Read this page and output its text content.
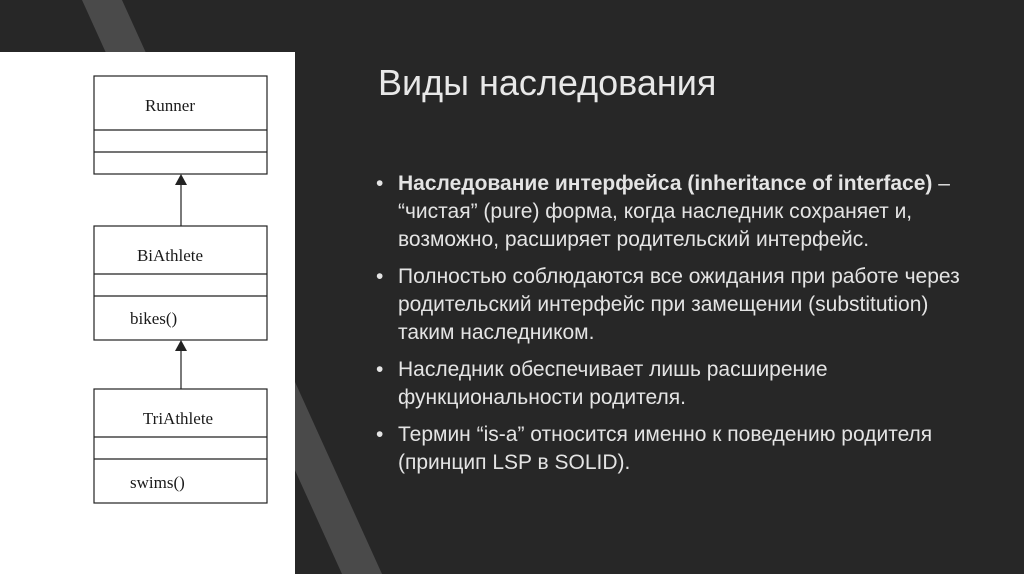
Runner
BiAthlete
bikes()
TriAthlete
swims()
Виды наследования
• Наследование интерфейса (inheritance of interface) – “чистая” (pure) форма, когда наследник сохраняет и, возможно, расширяет родительский интерфейс.
• Полностью соблюдаются все ожидания при работе через родительский интерфейс при замещении (substitution) таким наследником.
• Наследник обеспечивает лишь расширение функциональности родителя.
• Термин “is-a” относится именно к поведению родителя (принцип LSP в SOLID).
